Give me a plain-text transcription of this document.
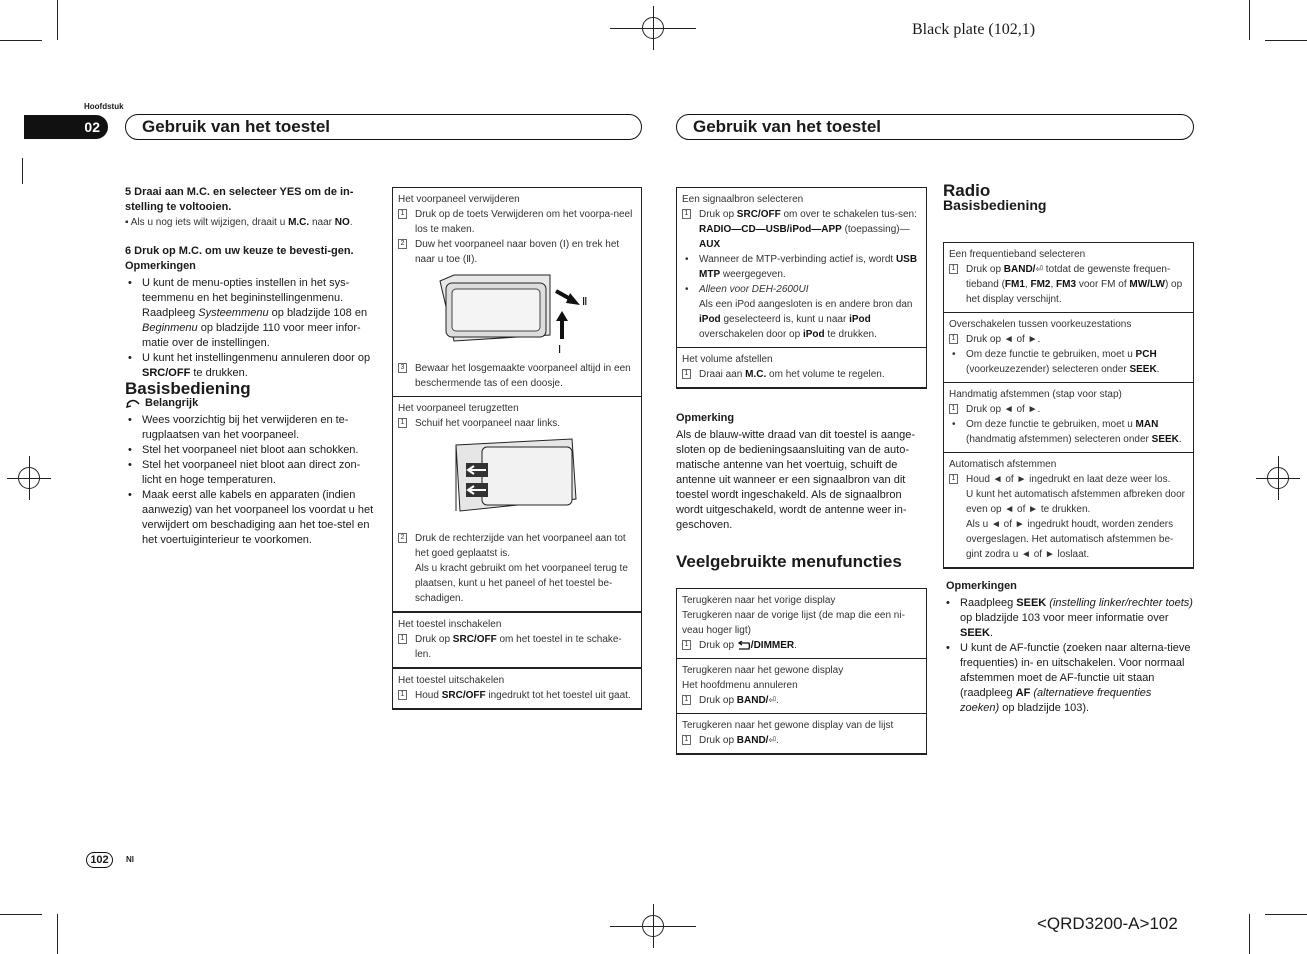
Black plate (102,1)
<QRD3200-A>102
Hoofdstuk
02	Gebruik van het toestel	Gebruik van het toestel

5 Draai aan M.C. en selecteer YES om de in-stelling te voltooien.

▪ Als u nog iets wilt wijzigen, draait u M.C. naar NO.

6 Druk op M.C. om uw keuze te bevesti-gen.

Opmerkingen

• U kunt de menu-opties instellen in het sys-teemmenu en het begininstellingenmenu. Raadpleeg Systeemmenu op bladzijde 108 en Beginmenu op bladzijde 110 voor meer infor-matie over de instellingen.
• U kunt het instellingenmenu annuleren door op SRC/OFF te drukken.

Basisbediening

Belangrijk

• Wees voorzichtig bij het verwijderen en te-rugplaatsen van het voorpaneel.
• Stel het voorpaneel niet bloot aan schokken.
• Stel het voorpaneel niet bloot aan direct zon-licht en hoge temperaturen.
• Maak eerst alle kabels en apparaten (indien aanwezig) van het voorpaneel los voordat u het verwijdert om beschadiging aan het toe-stel en het voertuiginterieur te voorkomen.
Het voorpaneel verwijderen
1 Druk op de toets Verwijderen om het voorpa-neel los te maken.
2 Duw het voorpaneel naar boven (Ⅰ) en trek het naar u toe (Ⅱ).
Ⅱ
Ⅰ
3 Bewaar het losgemaakte voorpaneel altijd in een beschermende tas of een doosje.
Het voorpaneel terugzetten
1 Schuif het voorpaneel naar links.
2 Druk de rechterzijde van het voorpaneel aan tot het goed geplaatst is.
Als u kracht gebruikt om het voorpaneel terug te plaatsen, kunt u het paneel of het toestel be-schadigen.
Het toestel inschakelen
1 Druk op SRC/OFF om het toestel in te schake-len.
Het toestel uitschakelen
1 Houd SRC/OFF ingedrukt tot het toestel uit gaat.
Een signaalbron selecteren
1 Druk op SRC/OFF om over te schakelen tus-sen:
RADIO—CD—USB/iPod—APP (toepassing)—
AUX
• Wanneer de MTP-verbinding actief is, wordt USB MTP weergegeven.
• Alleen voor DEH-2600UI
Als een iPod aangesloten is en andere bron dan iPod geselecteerd is, kunt u naar iPod overschakelen door op iPod te drukken.
Het volume afstellen
1 Draai aan M.C. om het volume te regelen.

Opmerking

Als de blauw-witte draad van dit toestel is aange-sloten op de bedieningsaansluiting van de auto-matische antenne van het voertuig, schuift de antenne uit wanneer er een signaalbron van dit toestel wordt ingeschakeld. Als de signaalbron wordt uitgeschakeld, wordt de antenne weer in-geschoven.

Veelgebruikte menufuncties

Terugkeren naar het vorige display
Terugkeren naar de vorige lijst (de map die een ni-veau hoger ligt)
1 Druk op /DIMMER.
Terugkeren naar het gewone display
Het hoofdmenu annuleren
1 Druk op BAND/⏎.
Terugkeren naar het gewone display van de lijst
1 Druk op BAND/⏎.

Radio

Basisbediening

Een frequentieband selecteren
1 Druk op BAND/⏎ totdat de gewenste frequen-tieband (FM1, FM2, FM3 voor FM of MW/LW) op het display verschijnt.
Overschakelen tussen voorkeuzestations
1 Druk op ◄ of ►.
• Om deze functie te gebruiken, moet u PCH (voorkeuzezender) selecteren onder SEEK.
Handmatig afstemmen (stap voor stap)
1 Druk op ◄ of ►.
• Om deze functie te gebruiken, moet u MAN (handmatig afstemmen) selecteren onder SEEK.
Automatisch afstemmen
1 Houd ◄ of ► ingedrukt en laat deze weer los.
U kunt het automatisch afstemmen afbreken door even op ◄ of ► te drukken.
Als u ◄ of ► ingedrukt houdt, worden zenders overgeslagen. Het automatisch afstemmen be-gint zodra u ◄ of ► loslaat.

Opmerkingen

• Raadpleeg SEEK (instelling linker/rechter toets) op bladzijde 103 voor meer informatie over SEEK.
• U kunt de AF-functie (zoeken naar alterna-tieve frequenties) in- en uitschakelen. Voor normaal afstemmen moet de AF-functie uit staan (raadpleeg AF (alternatieve frequenties zoeken) op bladzijde 103).
102	Nl
